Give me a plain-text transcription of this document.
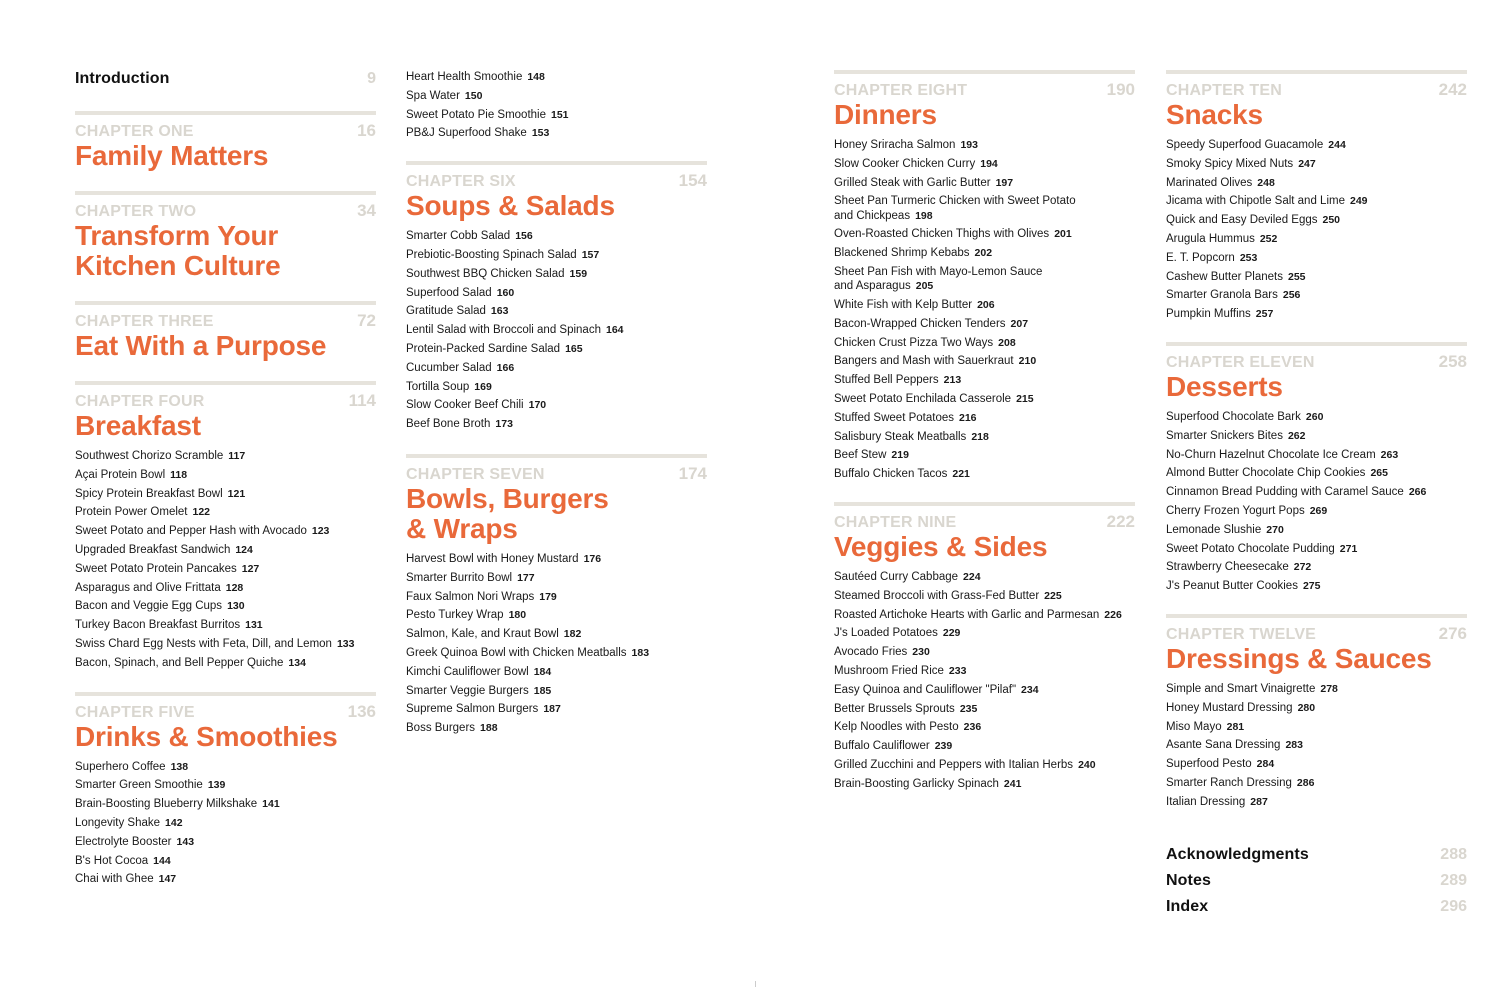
Introduction	9
CHAPTER ONE	16
Family Matters
CHAPTER TWO	34
Transform Your
Kitchen Culture
CHAPTER THREE	72
Eat With a Purpose
CHAPTER FOUR	114
Breakfast
Southwest Chorizo Scramble 117
Açai Protein Bowl 118
Spicy Protein Breakfast Bowl 121
Protein Power Omelet 122
Sweet Potato and Pepper Hash with Avocado 123
Upgraded Breakfast Sandwich 124
Sweet Potato Protein Pancakes 127
Asparagus and Olive Frittata 128
Bacon and Veggie Egg Cups 130
Turkey Bacon Breakfast Burritos 131
Swiss Chard Egg Nests with Feta, Dill, and Lemon 133
Bacon, Spinach, and Bell Pepper Quiche 134
CHAPTER FIVE	136
Drinks & Smoothies
Superhero Coffee 138
Smarter Green Smoothie 139
Brain-Boosting Blueberry Milkshake 141
Longevity Shake 142
Electrolyte Booster 143
B's Hot Cocoa 144
Chai with Ghee 147
Heart Health Smoothie 148
Spa Water 150
Sweet Potato Pie Smoothie 151
PB&J Superfood Shake 153
CHAPTER SIX	154
Soups & Salads
Smarter Cobb Salad 156
Prebiotic-Boosting Spinach Salad 157
Southwest BBQ Chicken Salad 159
Superfood Salad 160
Gratitude Salad 163
Lentil Salad with Broccoli and Spinach 164
Protein-Packed Sardine Salad 165
Cucumber Salad 166
Tortilla Soup 169
Slow Cooker Beef Chili 170
Beef Bone Broth 173
CHAPTER SEVEN	174
Bowls, Burgers
& Wraps
Harvest Bowl with Honey Mustard 176
Smarter Burrito Bowl 177
Faux Salmon Nori Wraps 179
Pesto Turkey Wrap 180
Salmon, Kale, and Kraut Bowl 182
Greek Quinoa Bowl with Chicken Meatballs 183
Kimchi Cauliflower Bowl 184
Smarter Veggie Burgers 185
Supreme Salmon Burgers 187
Boss Burgers 188
CHAPTER EIGHT	190
Dinners
Honey Sriracha Salmon 193
Slow Cooker Chicken Curry 194
Grilled Steak with Garlic Butter 197
Sheet Pan Turmeric Chicken with Sweet Potato
and Chickpeas 198
Oven-Roasted Chicken Thighs with Olives 201
Blackened Shrimp Kebabs 202
Sheet Pan Fish with Mayo-Lemon Sauce
and Asparagus 205
White Fish with Kelp Butter 206
Bacon-Wrapped Chicken Tenders 207
Chicken Crust Pizza Two Ways 208
Bangers and Mash with Sauerkraut 210
Stuffed Bell Peppers 213
Sweet Potato Enchilada Casserole 215
Stuffed Sweet Potatoes 216
Salisbury Steak Meatballs 218
Beef Stew 219
Buffalo Chicken Tacos 221
CHAPTER NINE	222
Veggies & Sides
Sautéed Curry Cabbage 224
Steamed Broccoli with Grass-Fed Butter 225
Roasted Artichoke Hearts with Garlic and Parmesan 226
J's Loaded Potatoes 229
Avocado Fries 230
Mushroom Fried Rice 233
Easy Quinoa and Cauliflower "Pilaf" 234
Better Brussels Sprouts 235
Kelp Noodles with Pesto 236
Buffalo Cauliflower 239
Grilled Zucchini and Peppers with Italian Herbs 240
Brain-Boosting Garlicky Spinach 241
CHAPTER TEN	242
Snacks
Speedy Superfood Guacamole 244
Smoky Spicy Mixed Nuts 247
Marinated Olives 248
Jicama with Chipotle Salt and Lime 249
Quick and Easy Deviled Eggs 250
Arugula Hummus 252
E. T. Popcorn 253
Cashew Butter Planets 255
Smarter Granola Bars 256
Pumpkin Muffins 257
CHAPTER ELEVEN	258
Desserts
Superfood Chocolate Bark 260
Smarter Snickers Bites 262
No-Churn Hazelnut Chocolate Ice Cream 263
Almond Butter Chocolate Chip Cookies 265
Cinnamon Bread Pudding with Caramel Sauce 266
Cherry Frozen Yogurt Pops 269
Lemonade Slushie 270
Sweet Potato Chocolate Pudding 271
Strawberry Cheesecake 272
J's Peanut Butter Cookies 275
CHAPTER TWELVE	276
Dressings & Sauces
Simple and Smart Vinaigrette 278
Honey Mustard Dressing 280
Miso Mayo 281
Asante Sana Dressing 283
Superfood Pesto 284
Smarter Ranch Dressing 286
Italian Dressing 287
Acknowledgments	288
Notes	289
Index	296
